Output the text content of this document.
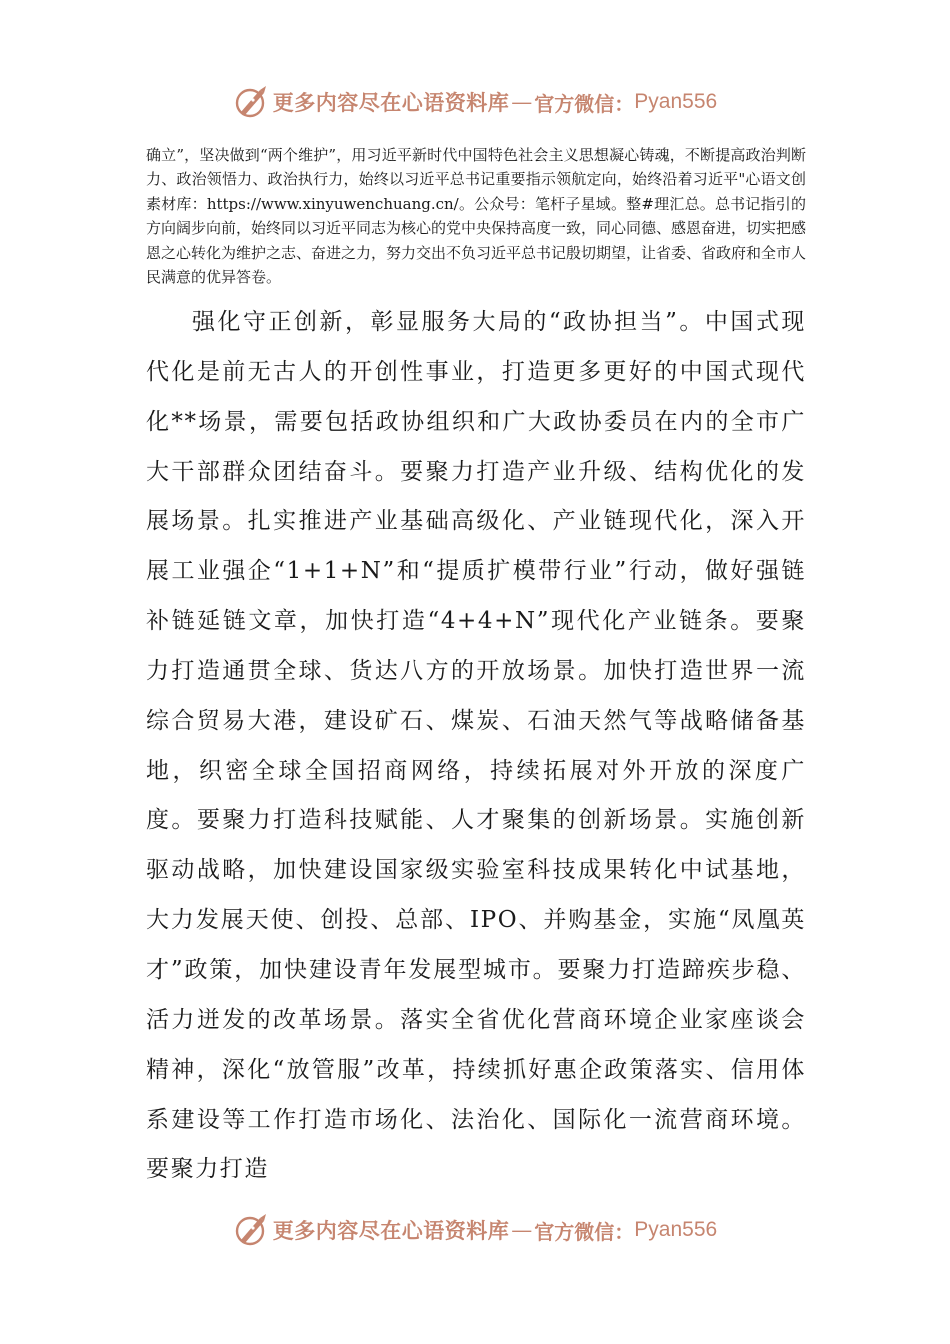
更多内容尽在心语资料库 — 官方微信： Pyan556

确立”，坚决做到“两个维护”，用习近平新时代中国特色社会主义思想凝心铸魂，不断提高政治判断力、政治领悟力、政治执行力，始终以习近平总书记重要指示领航定向，始终沿着习近平"心语文创素材库：https://www.xinyuwenchuang.cn/。公众号：笔杆子星域。整#理汇总。总书记指引的方向阔步向前，始终同以习近平同志为核心的党中央保持高度一致，同心同德、感恩奋进，切实把感恩之心转化为维护之志、奋进之力，努力交出不负习近平总书记殷切期望，让省委、省政府和全市人民满意的优异答卷。

强化守正创新，彰显服务大局的“政协担当”。中国式现代化是前无古人的开创性事业，打造更多更好的中国式现代化**场景，需要包括政协组织和广大政协委员在内的全市广大干部群众团结奋斗。要聚力打造产业升级、结构优化的发展场景。扎实推进产业基础高级化、产业链现代化，深入开展工业强企“1+1+N”和“提质扩模带行业”行动，做好强链补链延链文章，加快打造“4+4+N”现代化产业链条。要聚力打造通贯全球、货达八方的开放场景。加快打造世界一流综合贸易大港，建设矿石、煤炭、石油天然气等战略储备基地，织密全球全国招商网络，持续拓展对外开放的深度广度。要聚力打造科技赋能、人才聚集的创新场景。实施创新驱动战略，加快建设国家级实验室科技成果转化中试基地，大力发展天使、创投、总部、IPO、并购基金，实施“凤凰英才”政策，加快建设青年发展型城市。要聚力打造蹄疾步稳、活力迸发的改革场景。落实全省优化营商环境企业家座谈会精神，深化“放管服”改革，持续抓好惠企政策落实、信用体系建设等工作打造市场化、法治化、国际化一流营商环境。要聚力打造

更多内容尽在心语资料库 — 官方微信： Pyan556
